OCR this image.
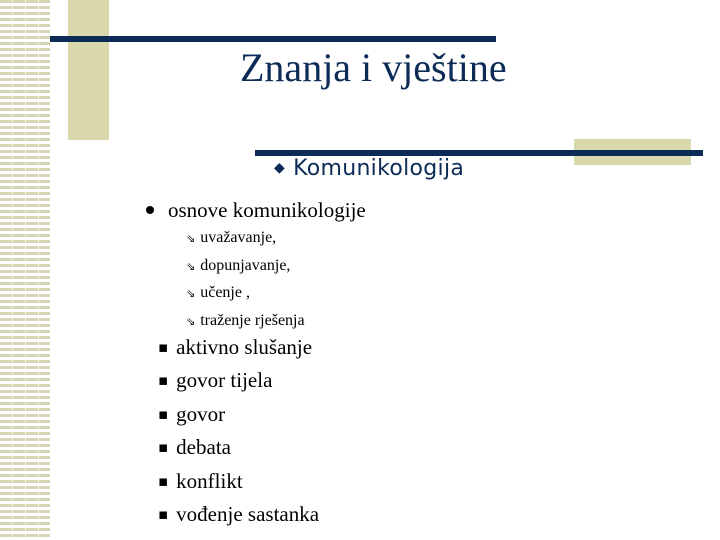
Znanja i vještine
◆ Komunikologija
osnove komunikologije
⇘ uvažavanje,
⇘ dopunjavanje,
⇘ učenje ,
⇘ traženje rješenja
▪ aktivno slušanje
▪ govor tijela
▪ govor
▪ debata
▪ konflikt
▪ vođenje sastanka
